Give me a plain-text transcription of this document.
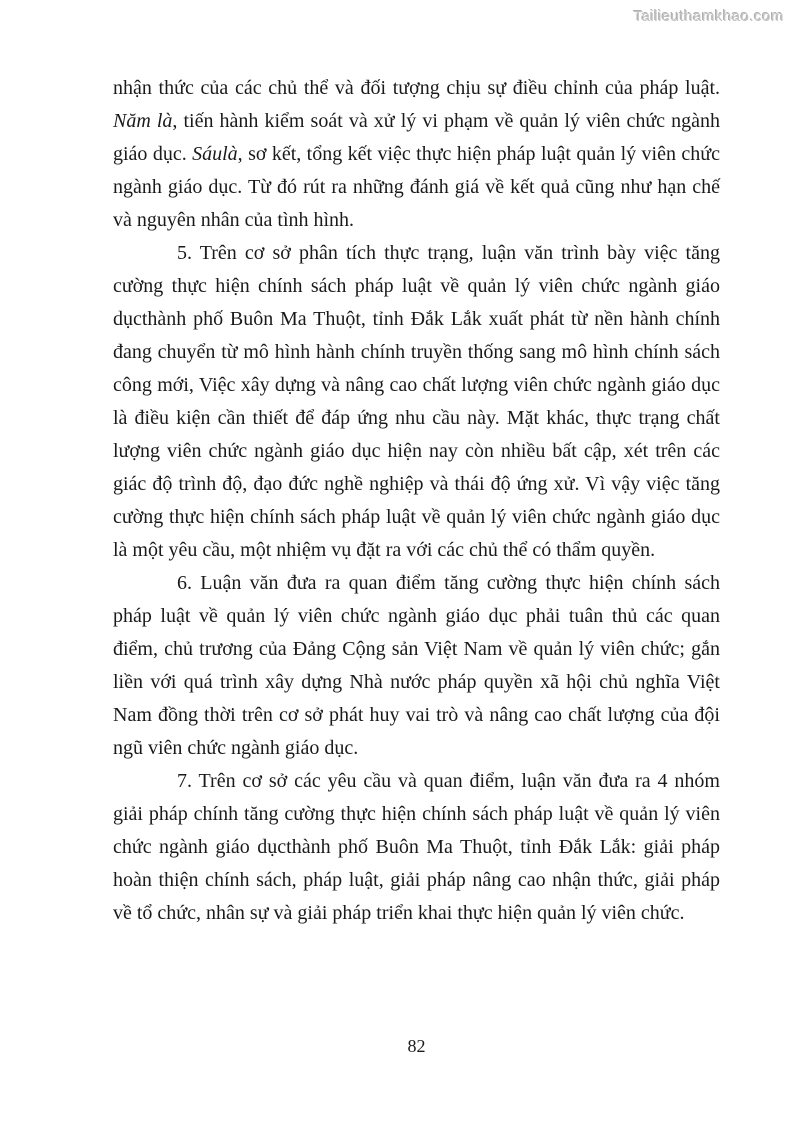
Tailieuthamkhao.com

nhận thức của các chủ thể và đối tượng chịu sự điều chỉnh của pháp luật. Năm là, tiến hành kiểm soát và xử lý vi phạm về quản lý viên chức ngành giáo dục. Sáulà, sơ kết, tổng kết việc thực hiện pháp luật quản lý viên chức ngành giáo dục. Từ đó rút ra những đánh giá về kết quả cũng như hạn chế và nguyên nhân của tình hình.

5. Trên cơ sở phân tích thực trạng, luận văn trình bày việc tăng cường thực hiện chính sách pháp luật về quản lý viên chức ngành giáo dụcthành phố Buôn Ma Thuột, tỉnh Đắk Lắk xuất phát từ nền hành chính đang chuyển từ mô hình hành chính truyền thống sang mô hình chính sách công mới, Việc xây dựng và nâng cao chất lượng viên chức ngành giáo dục là điều kiện cần thiết để đáp ứng nhu cầu này. Mặt khác, thực trạng chất lượng viên chức ngành giáo dục hiện nay còn nhiều bất cập, xét trên các giác độ trình độ, đạo đức nghề nghiệp và thái độ ứng xử. Vì vậy việc tăng cường thực hiện chính sách pháp luật về quản lý viên chức ngành giáo dục là một yêu cầu, một nhiệm vụ đặt ra với các chủ thể có thẩm quyền.

6. Luận văn đưa ra quan điểm tăng cường thực hiện chính sách pháp luật về quản lý viên chức ngành giáo dục phải tuân thủ các quan điểm, chủ trương của Đảng Cộng sản Việt Nam về quản lý viên chức; gắn liền với quá trình xây dựng Nhà nước pháp quyền xã hội chủ nghĩa Việt Nam đồng thời trên cơ sở phát huy vai trò và nâng cao chất lượng của đội ngũ viên chức ngành giáo dục.

7. Trên cơ sở các yêu cầu và quan điểm, luận văn đưa ra 4 nhóm giải pháp chính tăng cường thực hiện chính sách pháp luật về quản lý viên chức ngành giáo dụcthành phố Buôn Ma Thuột, tỉnh Đắk Lắk: giải pháp hoàn thiện chính sách, pháp luật, giải pháp nâng cao nhận thức, giải pháp về tổ chức, nhân sự và giải pháp triển khai thực hiện quản lý viên chức.

82
